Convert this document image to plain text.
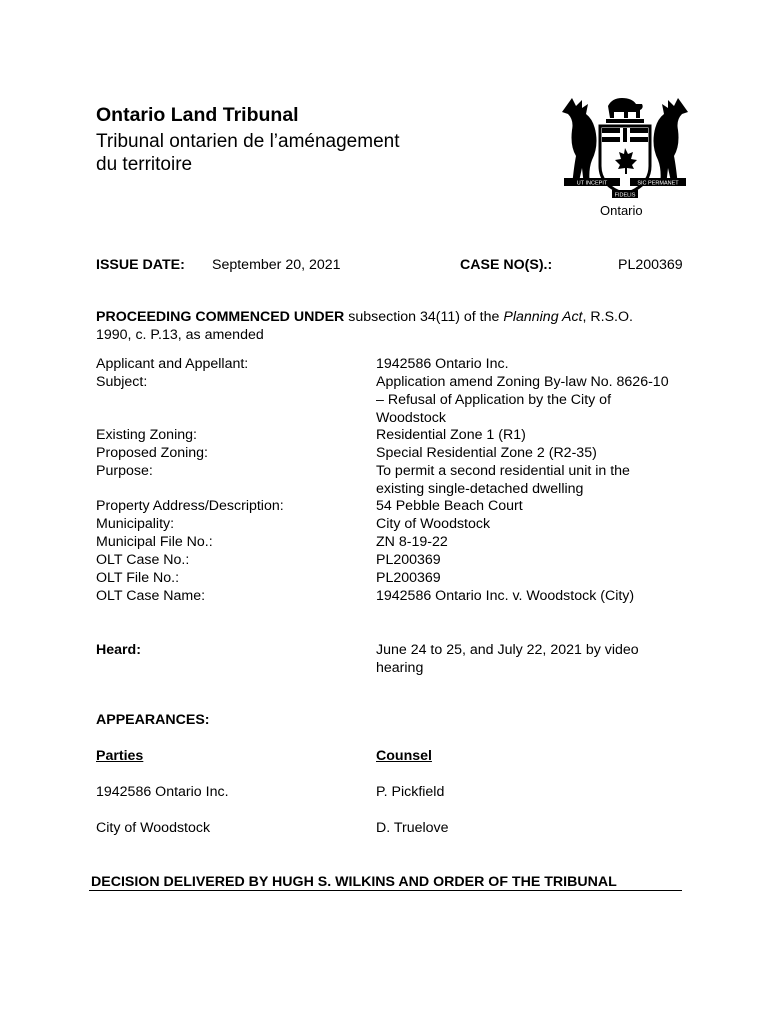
Ontario Land Tribunal
Tribunal ontarien de l’aménagement
du territoire
UT INCEPIT	SIC PERMANET
FIDELIS
Ontario
ISSUE DATE: September 20, 2021	CASE NO(S).:	PL200369
PROCEEDING COMMENCED UNDER subsection 34(11) of the Planning Act, R.S.O.
1990, c. P.13, as amended
Applicant and Appellant:	1942586 Ontario Inc.
Subject:	Application amend Zoning By-law No. 8626-10
– Refusal of Application by the City of
Woodstock
Existing Zoning:	Residential Zone 1 (R1)
Proposed Zoning:	Special Residential Zone 2 (R2-35)
Purpose:	To permit a second residential unit in the
existing single-detached dwelling
Property Address/Description:	54 Pebble Beach Court
Municipality:	City of Woodstock
Municipal File No.:	ZN 8-19-22
OLT Case No.:	PL200369
OLT File No.:	PL200369
OLT Case Name:	1942586 Ontario Inc. v. Woodstock (City)
Heard:	June 24 to 25, and July 22, 2021 by video
hearing
APPEARANCES:
Parties	Counsel
1942586 Ontario Inc.	P. Pickfield
City of Woodstock	D. Truelove
DECISION DELIVERED BY HUGH S. WILKINS AND ORDER OF THE TRIBUNAL
